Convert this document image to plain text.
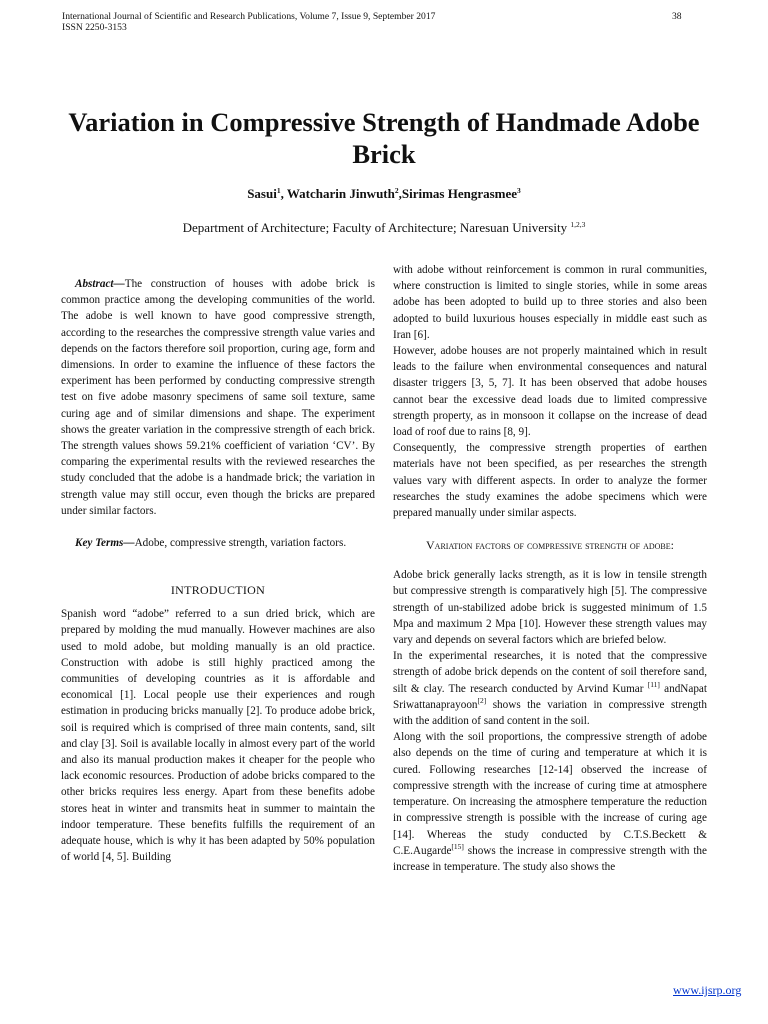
International Journal of Scientific and Research Publications, Volume 7, Issue 9, September 2017
ISSN 2250-3153
38
Variation in Compressive Strength of Handmade Adobe Brick
Sasui$^1$, Watcharin Jinwuth$^2$,Sirimas Hengrasmee$^3$
Department of Architecture; Faculty of Architecture; Naresuan University $^{1,2,3}$

Abstract—The construction of houses with adobe brick is common practice among the developing communities of the world. The adobe is well known to have good compressive strength, according to the researches the compressive strength value varies and depends on the factors therefore soil proportion, curing age, form and dimensions. In order to examine the influence of these factors the experiment has been performed by conducting compressive strength test on five adobe masonry specimens of same soil texture, same curing age and of similar dimensions and shape. The experiment shows the greater variation in the compressive strength of each brick. The strength values shows 59.21% coefficient of variation ‘CV’. By comparing the experimental results with the reviewed researches the study concluded that the adobe is a handmade brick; the variation in strength value may still occur, even though the bricks are prepared under similar factors.

Key Terms—Adobe, compressive strength, variation factors.

INTRODUCTION

Spanish word “adobe” referred to a sun dried brick, which are prepared by molding the mud manually. However machines are also used to mold adobe, but molding manually is an old practice. Construction with adobe is still highly practiced among the communities of developing countries as it is affordable and economical [1]. Local people use their experiences and rough estimation in producing bricks manually [2]. To produce adobe brick, soil is required which is comprised of three main contents, sand, silt and clay [3]. Soil is available locally in almost every part of the world and also its manual production makes it cheaper for the people who lack economic resources. Production of adobe bricks compared to the other bricks requires less energy. Apart from these benefits adobe stores heat in winter and transmits heat in summer to maintain the indoor temperature. These benefits fulfills the requirement of an adequate house, which is why it has been adapted by 50% population of world [4, 5]. Building

with adobe without reinforcement is common in rural communities, where construction is limited to single stories, while in some areas adobe has been adopted to build up to three stories and also been adopted to build luxurious houses especially in middle east such as Iran [6].

However, adobe houses are not properly maintained which in result leads to the failure when environmental consequences and natural disaster triggers [3, 5, 7]. It has been observed that adobe houses cannot bear the excessive dead loads due to limited compressive strength property, as in monsoon it collapse on the increase of dead load of roof due to rains [8, 9].

Consequently, the compressive strength properties of earthen materials have not been specified, as per researches the strength values vary with different aspects. In order to analyze the former researches the study examines the adobe specimens which were prepared manually under similar aspects.

Variation factors of compressive strength of adobe:

Adobe brick generally lacks strength, as it is low in tensile strength but compressive strength is comparatively high [5]. The compressive strength of un-stabilized adobe brick is suggested minimum of 1.5 Mpa and maximum 2 Mpa [10]. However these strength values may vary and depends on several factors which are briefed below.

In the experimental researches, it is noted that the compressive strength of adobe brick depends on the content of soil therefore sand, silt & clay. The research conducted by Arvind Kumar [11] andNapat Sriwattanaprayoon[2] shows the variation in compressive strength with the addition of sand content in the soil.

Along with the soil proportions, the compressive strength of adobe also depends on the time of curing and temperature at which it is cured. Following researches [12-14] observed the increase of compressive strength with the increase of curing time at atmosphere temperature. On increasing the atmosphere temperature the reduction in compressive strength is possible with the increase of curing age [14]. Whereas the study conducted by C.T.S.Beckett & C.E.Augarde[15] shows the increase in compressive strength with the increase in temperature. The study also shows the

www.ijsrp.org
